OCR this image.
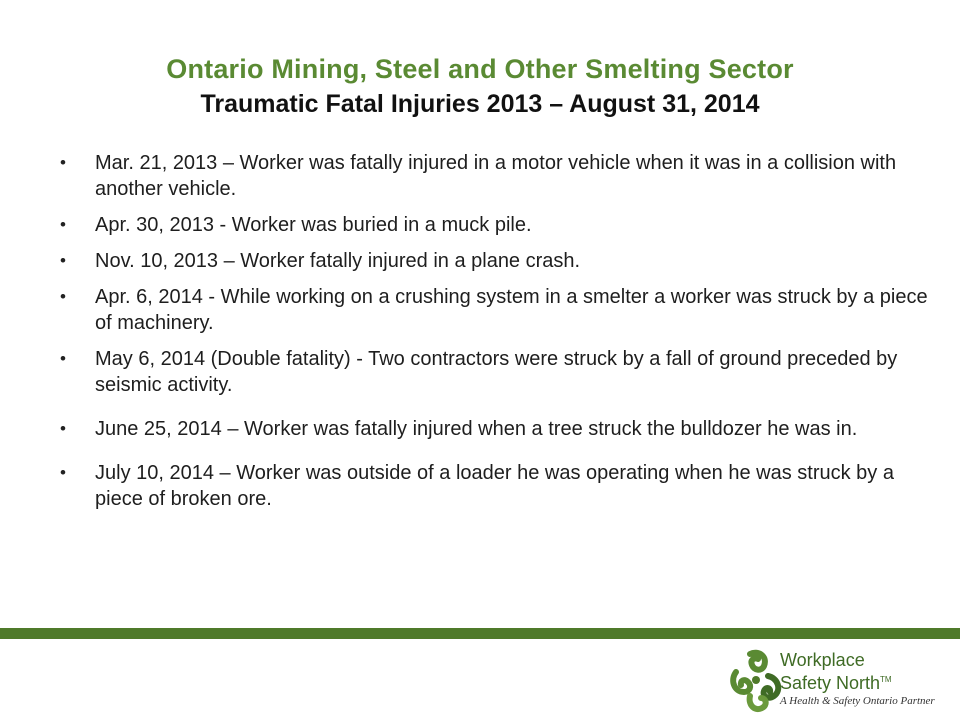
Ontario Mining, Steel and Other Smelting Sector
Traumatic Fatal Injuries 2013 – August 31, 2014
• Mar. 21, 2013 – Worker was fatally injured in a motor vehicle when it was in a collision with another vehicle.
• Apr. 30, 2013 - Worker was buried in a muck pile.
• Nov. 10, 2013 – Worker fatally injured in a plane crash.
• Apr. 6, 2014 - While working on a crushing system in a smelter a worker was struck by a piece of machinery.
• May 6, 2014 (Double fatality) - Two contractors were struck by a fall of ground preceded by seismic activity.
• June 25, 2014 – Worker was fatally injured when a tree struck the bulldozer he was in.
• July 10, 2014 – Worker was outside of a loader he was operating when he was struck by a piece of broken ore.
Workplace
Safety North™
A Health & Safety Ontario Partner
